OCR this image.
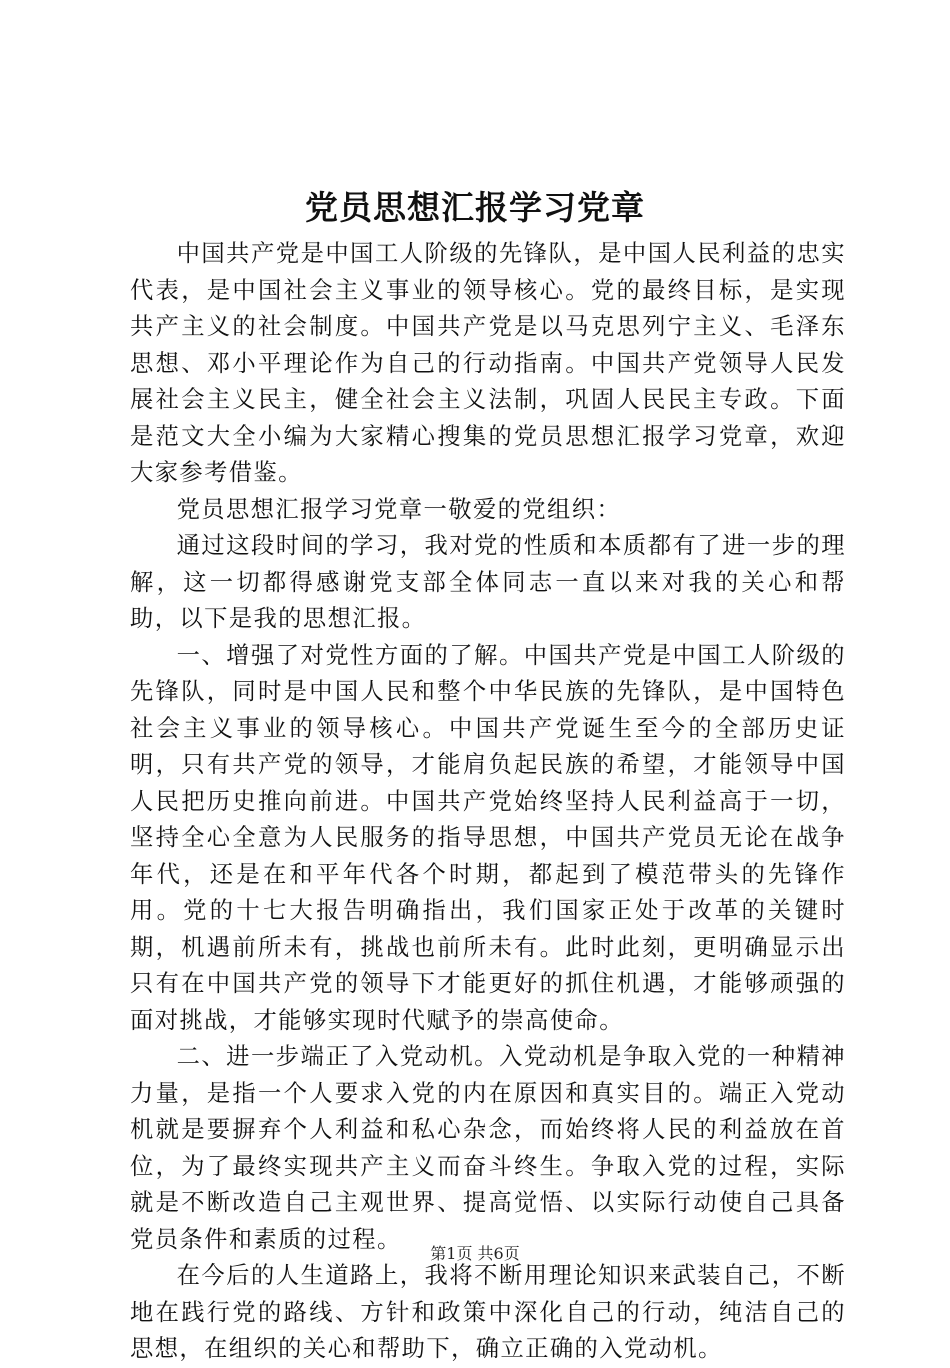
党员思想汇报学习党章

中国共产党是中国工人阶级的先锋队，是中国人民利益的忠实代表，是中国社会主义事业的领导核心。党的最终目标，是实现共产主义的社会制度。中国共产党是以马克思列宁主义、毛泽东思想、邓小平理论作为自己的行动指南。中国共产党领导人民发展社会主义民主，健全社会主义法制，巩固人民民主专政。下面是范文大全小编为大家精心搜集的党员思想汇报学习党章，欢迎大家参考借鉴。

党员思想汇报学习党章一敬爱的党组织：

通过这段时间的学习，我对党的性质和本质都有了进一步的理解，这一切都得感谢党支部全体同志一直以来对我的关心和帮助，以下是我的思想汇报。

一、增强了对党性方面的了解。中国共产党是中国工人阶级的先锋队，同时是中国人民和整个中华民族的先锋队，是中国特色社会主义事业的领导核心。中国共产党诞生至今的全部历史证明，只有共产党的领导，才能肩负起民族的希望，才能领导中国人民把历史推向前进。中国共产党始终坚持人民利益高于一切，坚持全心全意为人民服务的指导思想，中国共产党员无论在战争年代，还是在和平年代各个时期，都起到了模范带头的先锋作用。党的十七大报告明确指出，我们国家正处于改革的关键时期，机遇前所未有，挑战也前所未有。此时此刻，更明确显示出只有在中国共产党的领导下才能更好的抓住机遇，才能够顽强的面对挑战，才能够实现时代赋予的崇高使命。

二、进一步端正了入党动机。入党动机是争取入党的一种精神力量，是指一个人要求入党的内在原因和真实目的。端正入党动机就是要摒弃个人利益和私心杂念，而始终将人民的利益放在首位，为了最终实现共产主义而奋斗终生。争取入党的过程，实际就是不断改造自己主观世界、提高觉悟、以实际行动使自己具备党员条件和素质的过程。

在今后的人生道路上，我将不断用理论知识来武装自己，不断地在践行党的路线、方针和政策中深化自己的行动，纯洁自己的思想，在组织的关心和帮助下，确立正确的入党动机。

第1页 共6页
